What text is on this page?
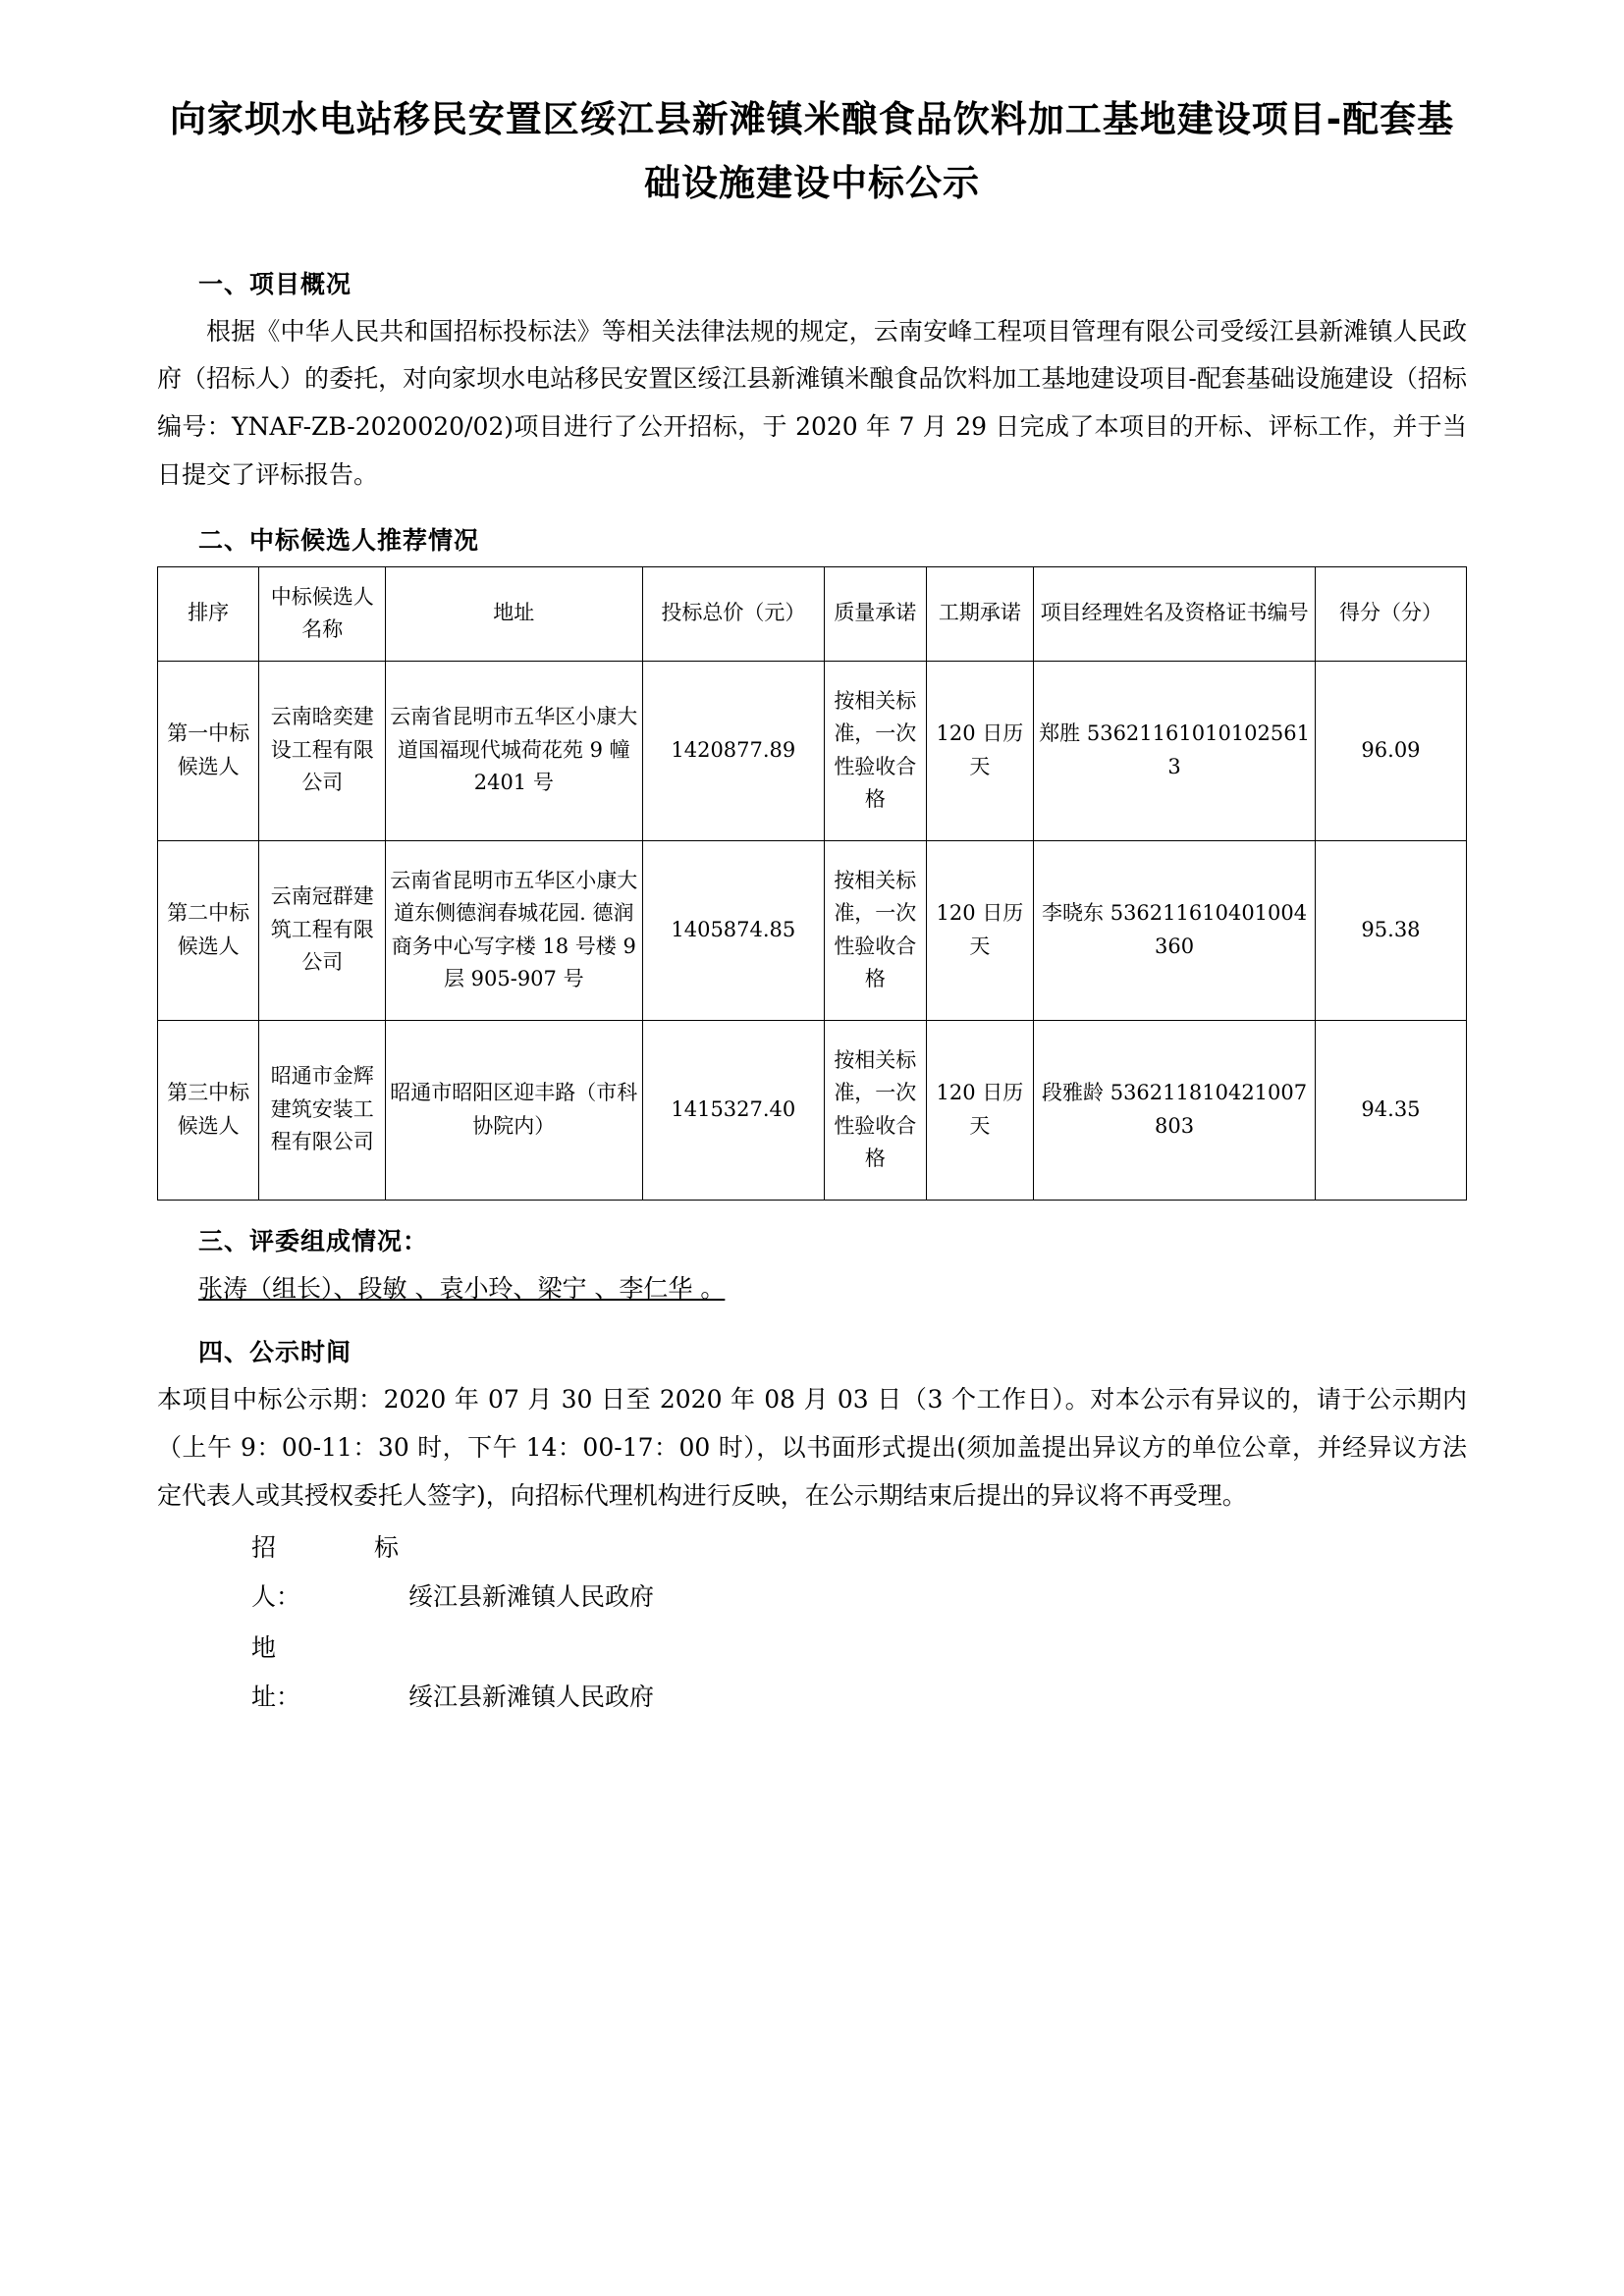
向家坝水电站移民安置区绥江县新滩镇米酿食品饮料加工基地建设项目-配套基础设施建设中标公示
一、项目概况

根据《中华人民共和国招标投标法》等相关法律法规的规定，云南安峰工程项目管理有限公司受绥江县新滩镇人民政府（招标人）的委托，对向家坝水电站移民安置区绥江县新滩镇米酿食品饮料加工基地建设项目-配套基础设施建设（招标编号：YNAF-ZB-2020020/02)项目进行了公开招标，于 2020 年 7 月 29 日完成了本项目的开标、评标工作，并于当日提交了评标报告。

二、中标候选人推荐情况
排序	中标候选人名称	地址	投标总价（元）	质量承诺	工期承诺	项目经理姓名及资格证书编号	得分（分）
第一中标候选人	云南晗奕建设工程有限公司	云南省昆明市五华区小康大道国福现代城荷花苑 9 幢 2401 号	1420877.89	按相关标准，一次性验收合格	120 日历天	郑胜 536211610101025613	96.09
第二中标候选人	云南冠群建筑工程有限公司	云南省昆明市五华区小康大道东侧德润春城花园. 德润商务中心写字楼 18 号楼 9 层 905-907 号	1405874.85	按相关标准，一次性验收合格	120 日历天	李晓东 536211610401004360	95.38
第三中标候选人	昭通市金辉建筑安装工程有限公司	昭通市昭阳区迎丰路（市科协院内）	1415327.40	按相关标准，一次性验收合格	120 日历天	段雅龄 536211810421007803	94.35
三、评委组成情况：
张涛（组长）、段敏 、袁小玲、梁宁 、李仁华 。
四、公示时间

本项目中标公示期：2020 年 07 月 30 日至 2020 年 08 月 03 日（3 个工作日）。对本公示有异议的，请于公示期内（上午 9：00-11：30 时，下午 14：00-17：00 时），以书面形式提出(须加盖提出异议方的单位公章，并经异议方法定代表人或其授权委托人签字)，向招标代理机构进行反映，在公示期结束后提出的异议将不再受理。

招 标人：	绥江县新滩镇人民政府
地址：	绥江县新滩镇人民政府
